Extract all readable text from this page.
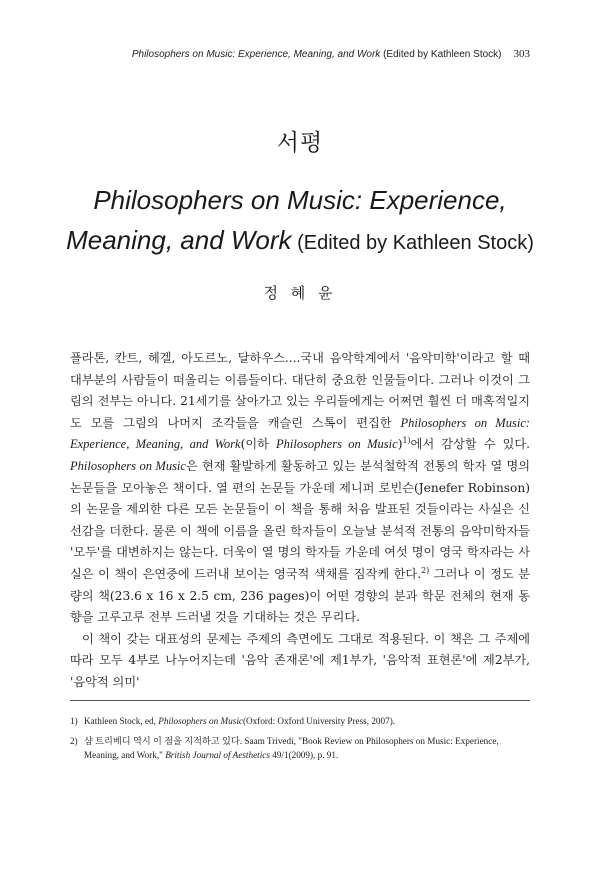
Philosophers on Music: Experience, Meaning, and Work (Edited by Kathleen Stock) 303
서평
Philosophers on Music: Experience,
Meaning, and Work (Edited by Kathleen Stock)
정 혜 윤

플라톤, 칸트, 헤겔, 아도르노, 달하우스....국내 음악학계에서 '음악미학'이라고 할 때 대부분의 사람들이 떠올리는 이름들이다. 대단히 중요한 인물들이다. 그러나 이것이 그림의 전부는 아니다. 21세기를 살아가고 있는 우리들에게는 어쩌면 훨씬 더 매혹적일지도 모를 그림의 나머지 조각들을 캐슬린 스톡이 편집한 Philosophers on Music: Experience, Meaning, and Work(이하 Philosophers on Music)$^{1)}$에서 감상할 수 있다. Philosophers on Music은 현재 활발하게 활동하고 있는 분석철학적 전통의 학자 열 명의 논문들을 모아놓은 책이다. 열 편의 논문들 가운데 제니퍼 로빈슨(Jenefer Robinson)의 논문을 제외한 다른 모든 논문들이 이 책을 통해 처음 발표된 것들이라는 사실은 신선감을 더한다. 물론 이 책에 이름을 올린 학자들이 오늘날 분석적 전통의 음악미학자들 '모두'를 대변하지는 않는다. 더욱이 열 명의 학자들 가운데 여섯 명이 영국 학자라는 사실은 이 책이 은연중에 드러내 보이는 영국적 색채를 짐작케 한다.$^{2)}$ 그러나 이 정도 분량의 책(23.6 x 16 x 2.5 cm, 236 pages)이 어떤 경향의 분과 학문 전체의 현재 동향을 고루고루 전부 드러낼 것을 기대하는 것은 무리다.

이 책이 갖는 대표성의 문제는 주제의 측면에도 그대로 적용된다. 이 책은 그 주제에 따라 모두 4부로 나누어지는데 '음악 존재론'에 제1부가, '음악적 표현론'에 제2부가, '음악적 의미'

1) Kathleen Stock, ed, Philosophers on Music(Oxford: Oxford University Press, 2007).
2) 샴 트리베디 역시 이 점을 지적하고 있다. Saam Trivedi, "Book Review on Philosophers on Music: Experience, Meaning, and Work," British Journal of Aesthetics 49/1(2009), p. 91.
